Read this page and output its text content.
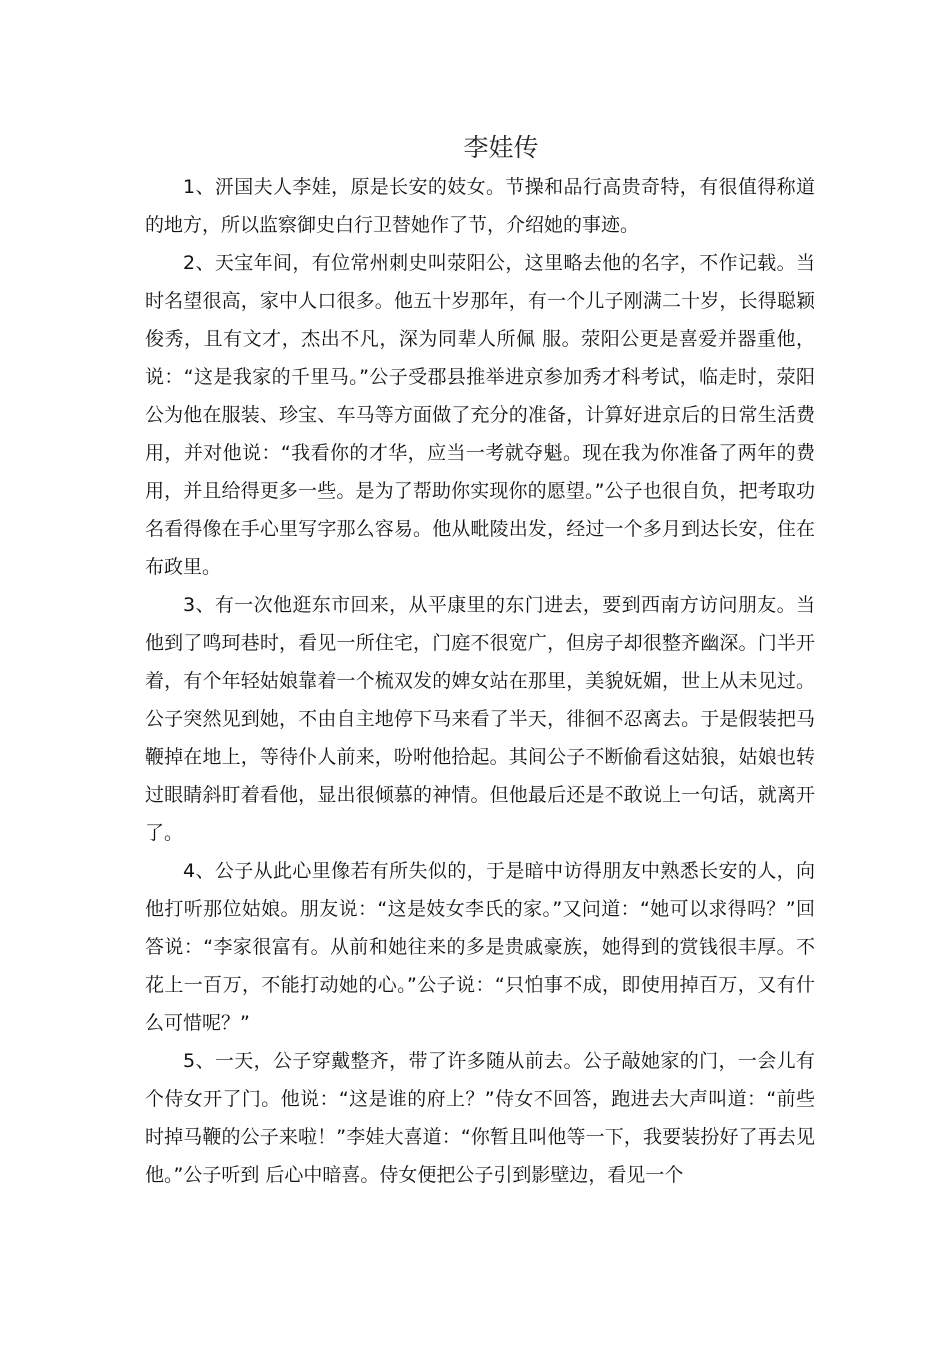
李娃传

1、汧国夫人李娃，原是长安的妓女。节操和品行高贵奇特，有很值得称道的地方，所以监察御史白行卫替她作了节，介绍她的事迹。

2、天宝年间，有位常州刺史叫荥阳公，这里略去他的名字，不作记载。当时名望很高，家中人口很多。他五十岁那年，有一个儿子刚满二十岁，长得聪颖俊秀，且有文才，杰出不凡，深为同辈人所佩 服。荥阳公更是喜爱并器重他，说：“这是我家的千里马。”公子受郡县推举进京参加秀才科考试，临走时，荥阳公为他在服装、珍宝、车马等方面做了充分的准备，计算好进京后的日常生活费用，并对他说：“我看你的才华，应当一考就夺魁。现在我为你准备了两年的费用，并且给得更多一些。是为了帮助你实现你的愿望。”公子也很自负，把考取功名看得像在手心里写字那么容易。他从毗陵出发，经过一个多月到达长安，住在布政里。

3、有一次他逛东市回来，从平康里的东门进去，要到西南方访问朋友。当他到了鸣珂巷时，看见一所住宅，门庭不很宽广，但房子却很整齐幽深。门半开着，有个年轻姑娘靠着一个梳双发的婢女站在那里，美貌妩媚，世上从未见过。公子突然见到她，不由自主地停下马来看了半天，徘徊不忍离去。于是假装把马鞭掉在地上，等待仆人前来，吩咐他拾起。其间公子不断偷看这姑狼，姑娘也转过眼睛斜盯着看他，显出很倾慕的神情。但他最后还是不敢说上一句话，就离开了。

4、公子从此心里像若有所失似的，于是暗中访得朋友中熟悉长安的人，向他打听那位姑娘。朋友说：“这是妓女李氏的家。”又问道：“她可以求得吗？”回答说：“李家很富有。从前和她往来的多是贵戚豪族，她得到的赏钱很丰厚。不花上一百万，不能打动她的心。”公子说：“只怕事不成，即使用掉百万，又有什么可惜呢？”

5、一天，公子穿戴整齐，带了许多随从前去。公子敲她家的门，一会儿有个侍女开了门。他说：“这是谁的府上？”侍女不回答，跑进去大声叫道：“前些时掉马鞭的公子来啦！”李娃大喜道：“你暂且叫他等一下，我要装扮好了再去见他。”公子听到 后心中暗喜。侍女便把公子引到影壁边，看见一个
